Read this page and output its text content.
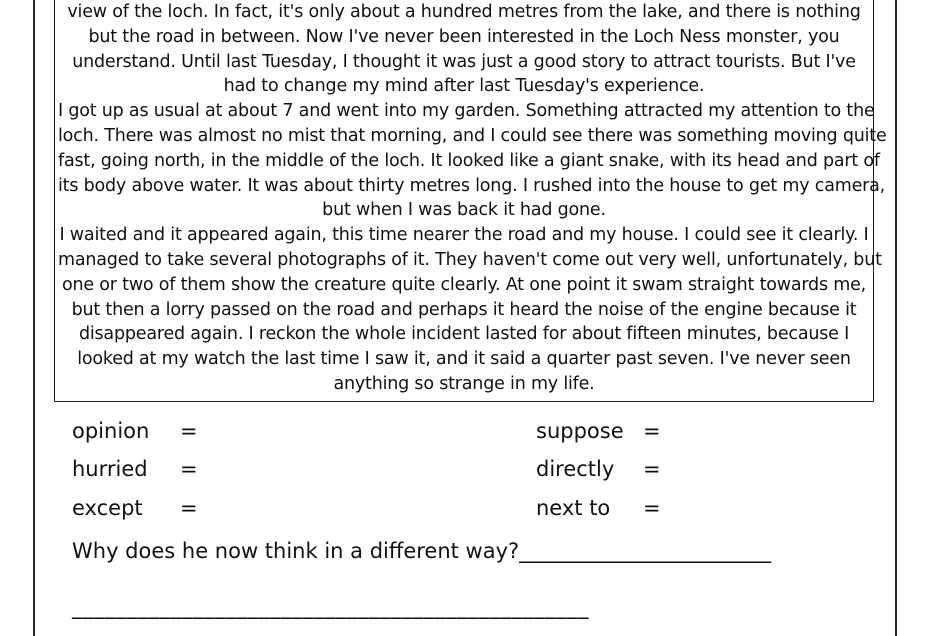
view of the loch. In fact, it's only about a hundred metres from the lake, and there is nothing
but the road in between. Now I've never been interested in the Loch Ness monster, you
understand. Until last Tuesday, I thought it was just a good story to attract tourists. But I've
had to change my mind after last Tuesday's experience.
I got up as usual at about 7 and went into my garden. Something attracted my attention to the
loch. There was almost no mist that morning, and I could see there was something moving quite
fast, going north, in the middle of the loch. It looked like a giant snake, with its head and part of
its body above water. It was about thirty metres long. I rushed into the house to get my camera,
but when I was back it had gone.
I waited and it appeared again, this time nearer the road and my house. I could see it clearly. I
managed to take several photographs of it. They haven't come out very well, unfortunately, but
one or two of them show the creature quite clearly. At one point it swam straight towards me,
but then a lorry passed on the road and perhaps it heard the noise of the engine because it
disappeared again. I reckon the whole incident lasted for about fifteen minutes, because I
looked at my watch the last time I saw it, and it said a quarter past seven. I've never seen
anything so strange in my life.
opinion =
hurried =
except =
suppose =
directly =
next to =
Why does he now think in a different way?________________________
_______________________________________________
